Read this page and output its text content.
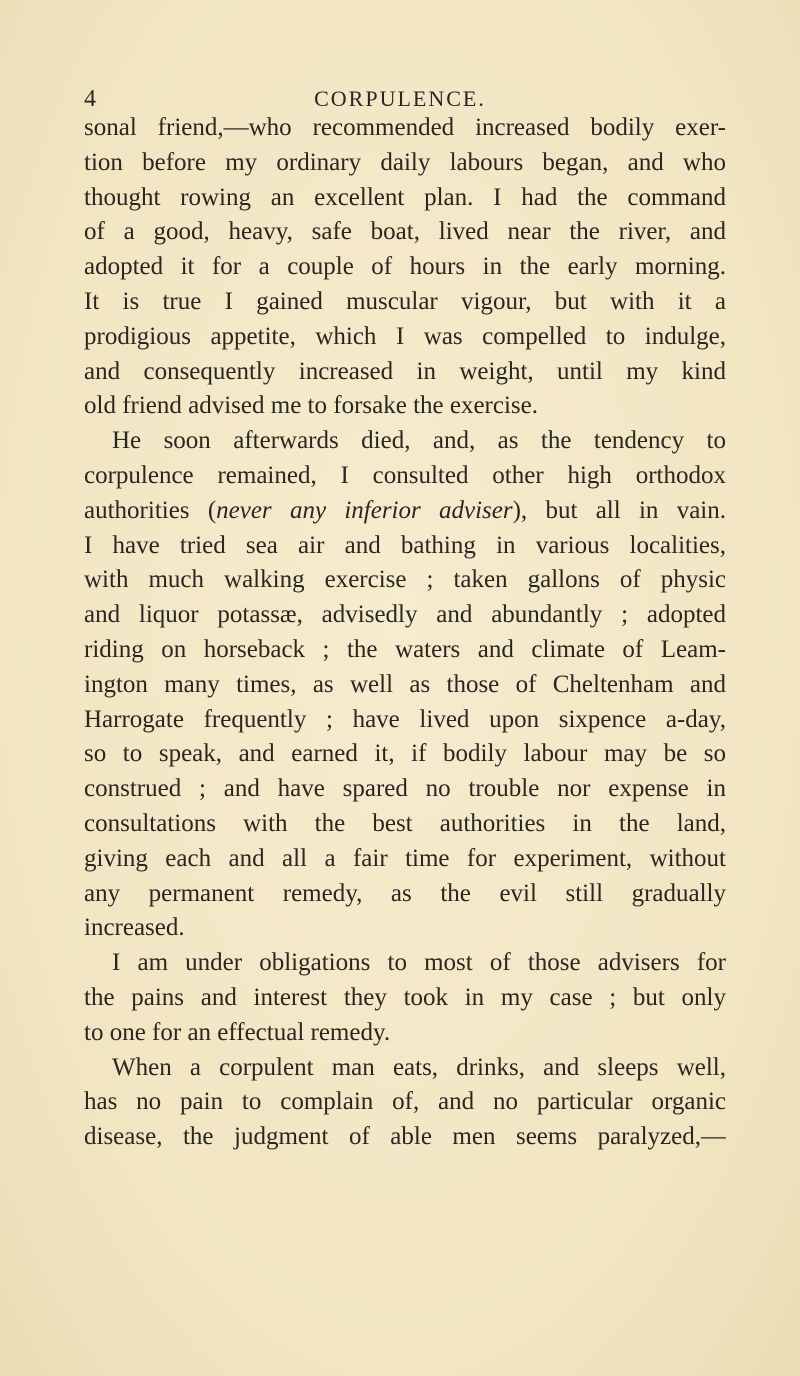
4	CORPULENCE.
sonal friend,—who recommended increased bodily exer-
tion before my ordinary daily labours began, and who
thought rowing an excellent plan. I had the command
of a good, heavy, safe boat, lived near the river, and
adopted it for a couple of hours in the early morning.
It is true I gained muscular vigour, but with it a
prodigious appetite, which I was compelled to indulge,
and consequently increased in weight, until my kind
old friend advised me to forsake the exercise.
He soon afterwards died, and, as the tendency to
corpulence remained, I consulted other high orthodox
authorities (never any inferior adviser), but all in vain.
I have tried sea air and bathing in various localities,
with much walking exercise ; taken gallons of physic
and liquor potassæ, advisedly and abundantly ; adopted
riding on horseback ; the waters and climate of Leam-
ington many times, as well as those of Cheltenham and
Harrogate frequently ; have lived upon sixpence a-day,
so to speak, and earned it, if bodily labour may be so
construed ; and have spared no trouble nor expense in
consultations with the best authorities in the land,
giving each and all a fair time for experiment, without
any permanent remedy, as the evil still gradually
increased.
I am under obligations to most of those advisers for
the pains and interest they took in my case ; but only
to one for an effectual remedy.
When a corpulent man eats, drinks, and sleeps well,
has no pain to complain of, and no particular organic
disease, the judgment of able men seems paralyzed,—
